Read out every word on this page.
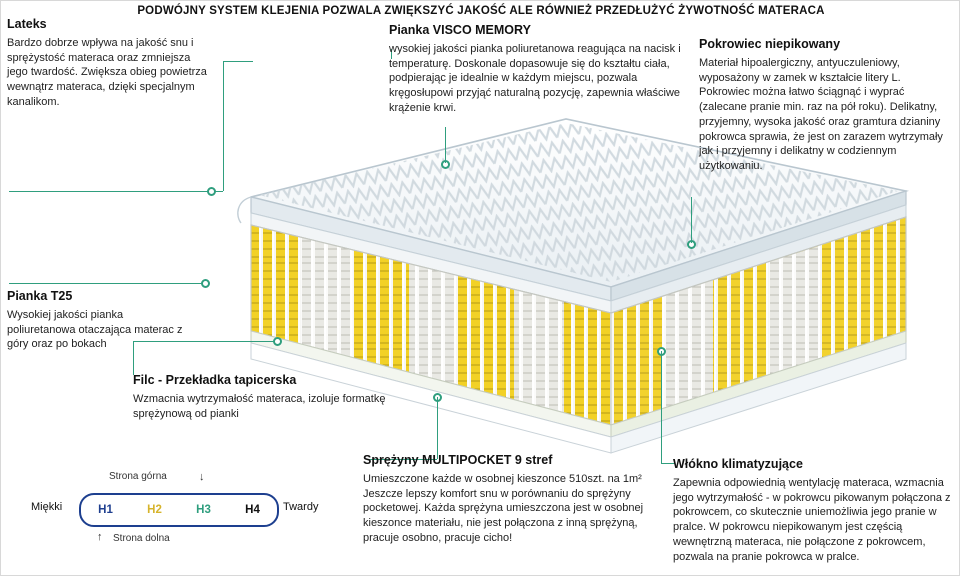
PODWÓJNY SYSTEM KLEJENIA POZWALA ZWIĘKSZYĆ JAKOŚĆ ALE RÓWNIEŻ PRZEDŁUŻYĆ ŻYWOTNOŚĆ MATERACA
Lateks
Bardzo dobrze wpływa na jakość snu i sprężystość materaca oraz zmniejsza jego twardość. Zwiększa obieg powietrza wewnątrz materaca, dzięki specjalnym kanalikom.
Pianka VISCO MEMORY
wysokiej jakości pianka poliuretanowa reagująca na nacisk i temperaturę. Doskonale dopasowuje się do kształtu ciała, podpierając je idealnie w każdym miejscu, pozwala kręgosłupowi przyjąć naturalną pozycję, zapewnia właściwe krążenie krwi.
Pokrowiec niepikowany
Materiał hipoalergiczny, antyuczuleniowy, wyposażony w zamek w kształcie litery L. Pokrowiec można łatwo ściągnąć i wyprać (zalecane pranie min. raz na pół roku). Delikatny, przyjemny, wysoka jakość oraz gramtura dzianiny pokrowca sprawia, że jest on zarazem wytrzymały jak i przyjemny i delikatny w codziennym użytkowaniu.
Pianka T25
Wysokiej jakości pianka poliuretanowa otaczająca materac z góry oraz po bokach
Filc - Przekładka tapicerska
Wzmacnia wytrzymałość materaca, izoluje formatkę sprężynową od pianki
Sprężyny MULTIPOCKET 9 stref
Umieszczone każde w osobnej kieszonce 510szt. na 1m² Jeszcze lepszy komfort snu w porównaniu do sprężyny pocketowej. Każda sprężyna umieszczona jest w osobnej kieszonce materiału, nie jest połączona z inną sprężyną, pracuje osobno, pracuje cicho!
Włókno klimatyzujące
Zapewnia odpowiednią wentylację materaca, wzmacnia jego wytrzymałość - w pokrowcu pikowanym połączona z pokrowcem, co skutecznie uniemożliwia jego pranie w pralce. W pokrowcu niepikowanym jest częścią wewnętrzną materaca, nie połączone z pokrowcem, pozwala na pranie pokrowca w pralce.
Strona górna	↓
Miękki	H1	H2	H3	H4	Twardy
↑ Strona dolna
